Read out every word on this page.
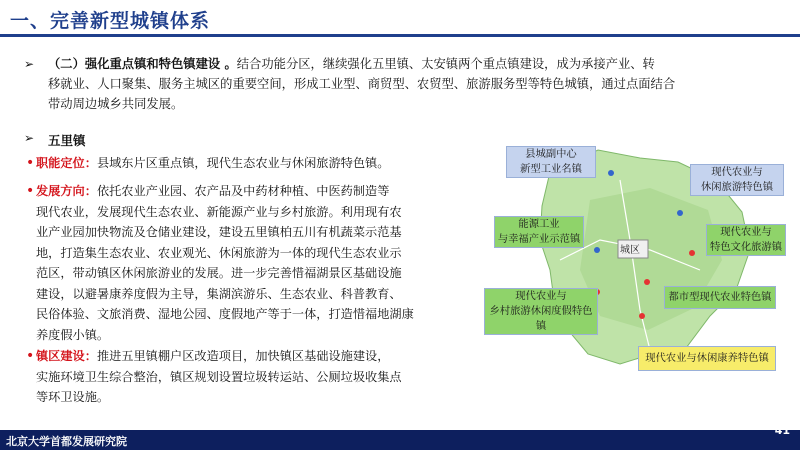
一、完善新型城镇体系
➢ （二）强化重点镇和特色镇建设 。结合功能分区，继续强化五里镇、太安镇两个重点镇建设，成为承接产业、转
移就业、人口聚集、服务主城区的重要空间，形成工业型、商贸型、农贸型、旅游服务型等特色城镇，通过点面结合
带动周边城乡共同发展。
➢ 五里镇
• 职能定位：县域东片区重点镇，现代生态农业与休闲旅游特色镇。
• 发展方向：依托农业产业园、农产品及中药材种植、中医药制造等
现代农业，发展现代生态农业、新能源产业与乡村旅游。利用现有农
业产业园加快物流及仓储业建设，建设五里镇柏五川有机蔬菜示范基
地，打造集生态农业、农业观光、休闲旅游为一体的现代生态农业示
范区，带动镇区休闲旅游业的发展。进一步完善惜福湖景区基础设施
建设，以避暑康养度假为主导，集湖滨游乐、生态农业、科普教育、
民俗体验、文旅消费、湿地公园、度假地产等于一体，打造惜福地湖康
养度假小镇。
• 镇区建设：推进五里镇棚户区改造项目，加快镇区基础设施建设，
实施环境卫生综合整治，镇区规划设置垃圾转运站、公厕垃圾收集点
等环卫设施。
城区
县城副中心
新型工业名镇	现代农业与
休闲旅游特色镇
能源工业
与幸福产业示范镇
现代农业与
特色文化旅游镇
现代农业与
乡村旅游休闲度假特色镇
都市型现代农业特色镇
现代农业与休闲康养特色镇
北京大学首都发展研究院
41
